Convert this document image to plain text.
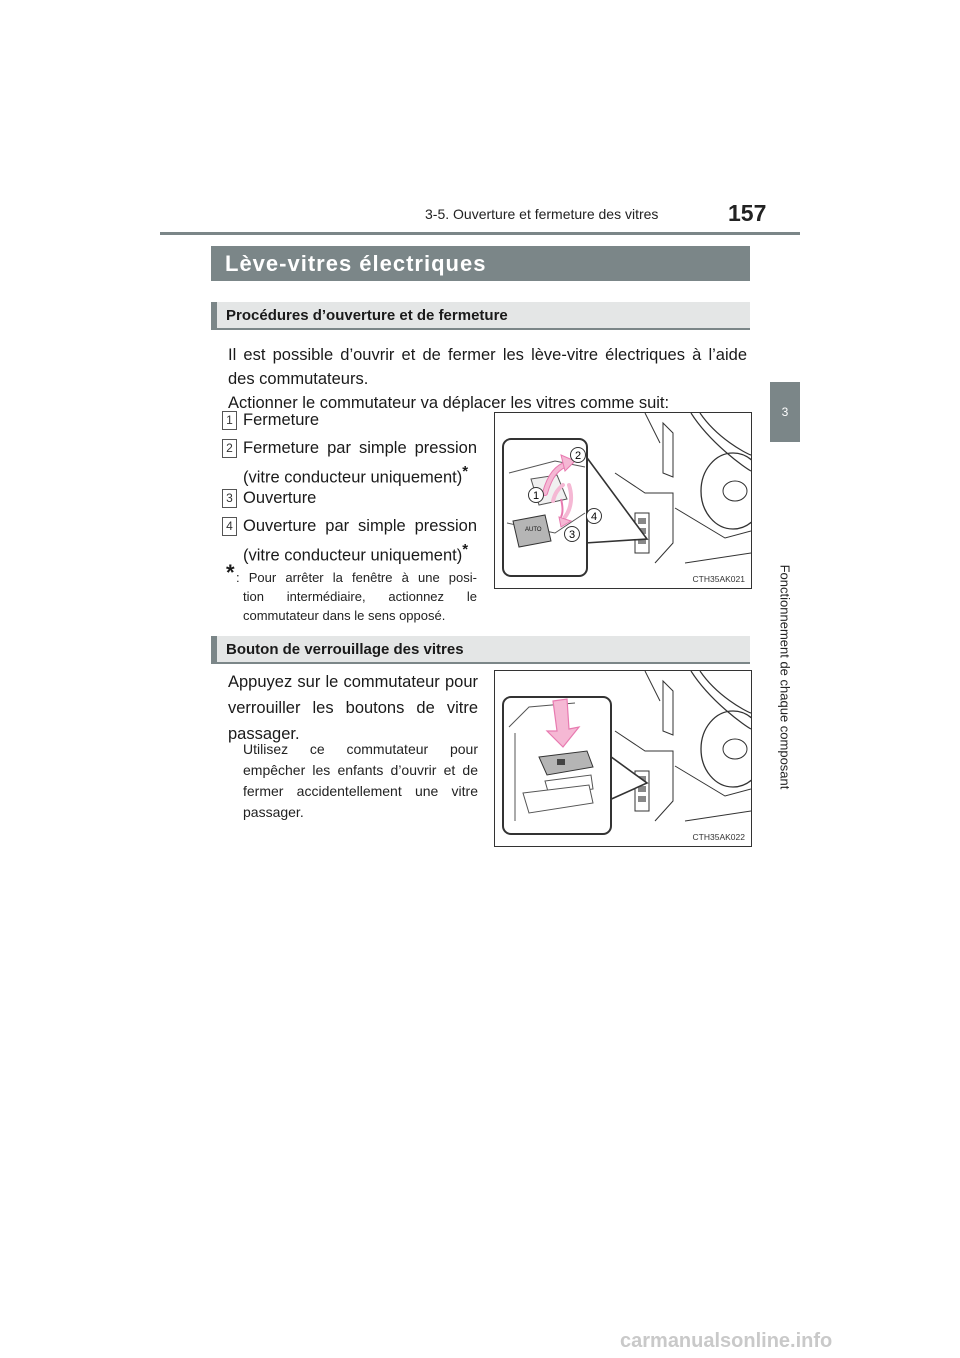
3-5. Ouverture et fermeture des vitres	157
3
Fonctionnement de chaque composant
Lève-vitres électriques
Procédures d’ouverture et de fermeture
Il est possible d’ouvrir et de fermer les lève-vitre électriques à l’aide
des commutateurs.
Actionner le commutateur va déplacer les vitres comme suit:
1 Fermeture
2 Fermeture par simple pression
(vitre conducteur uniquement)*
3 Ouverture
4 Ouverture par simple pression
(vitre conducteur uniquement)*
* : Pour arrêter la fenêtre à une posi-
tion intermédiaire, actionnez le
commutateur dans le sens opposé.
AUTO
1
2
3
4
CTH35AK021
Bouton de verrouillage des vitres
Appuyez sur le commutateur pour
verrouiller les boutons de vitre
passager.
Utilisez ce commutateur pour
empêcher les enfants d’ouvrir et de
fermer accidentellement une vitre
passager.
CTH35AK022
carmanualsonline.info
